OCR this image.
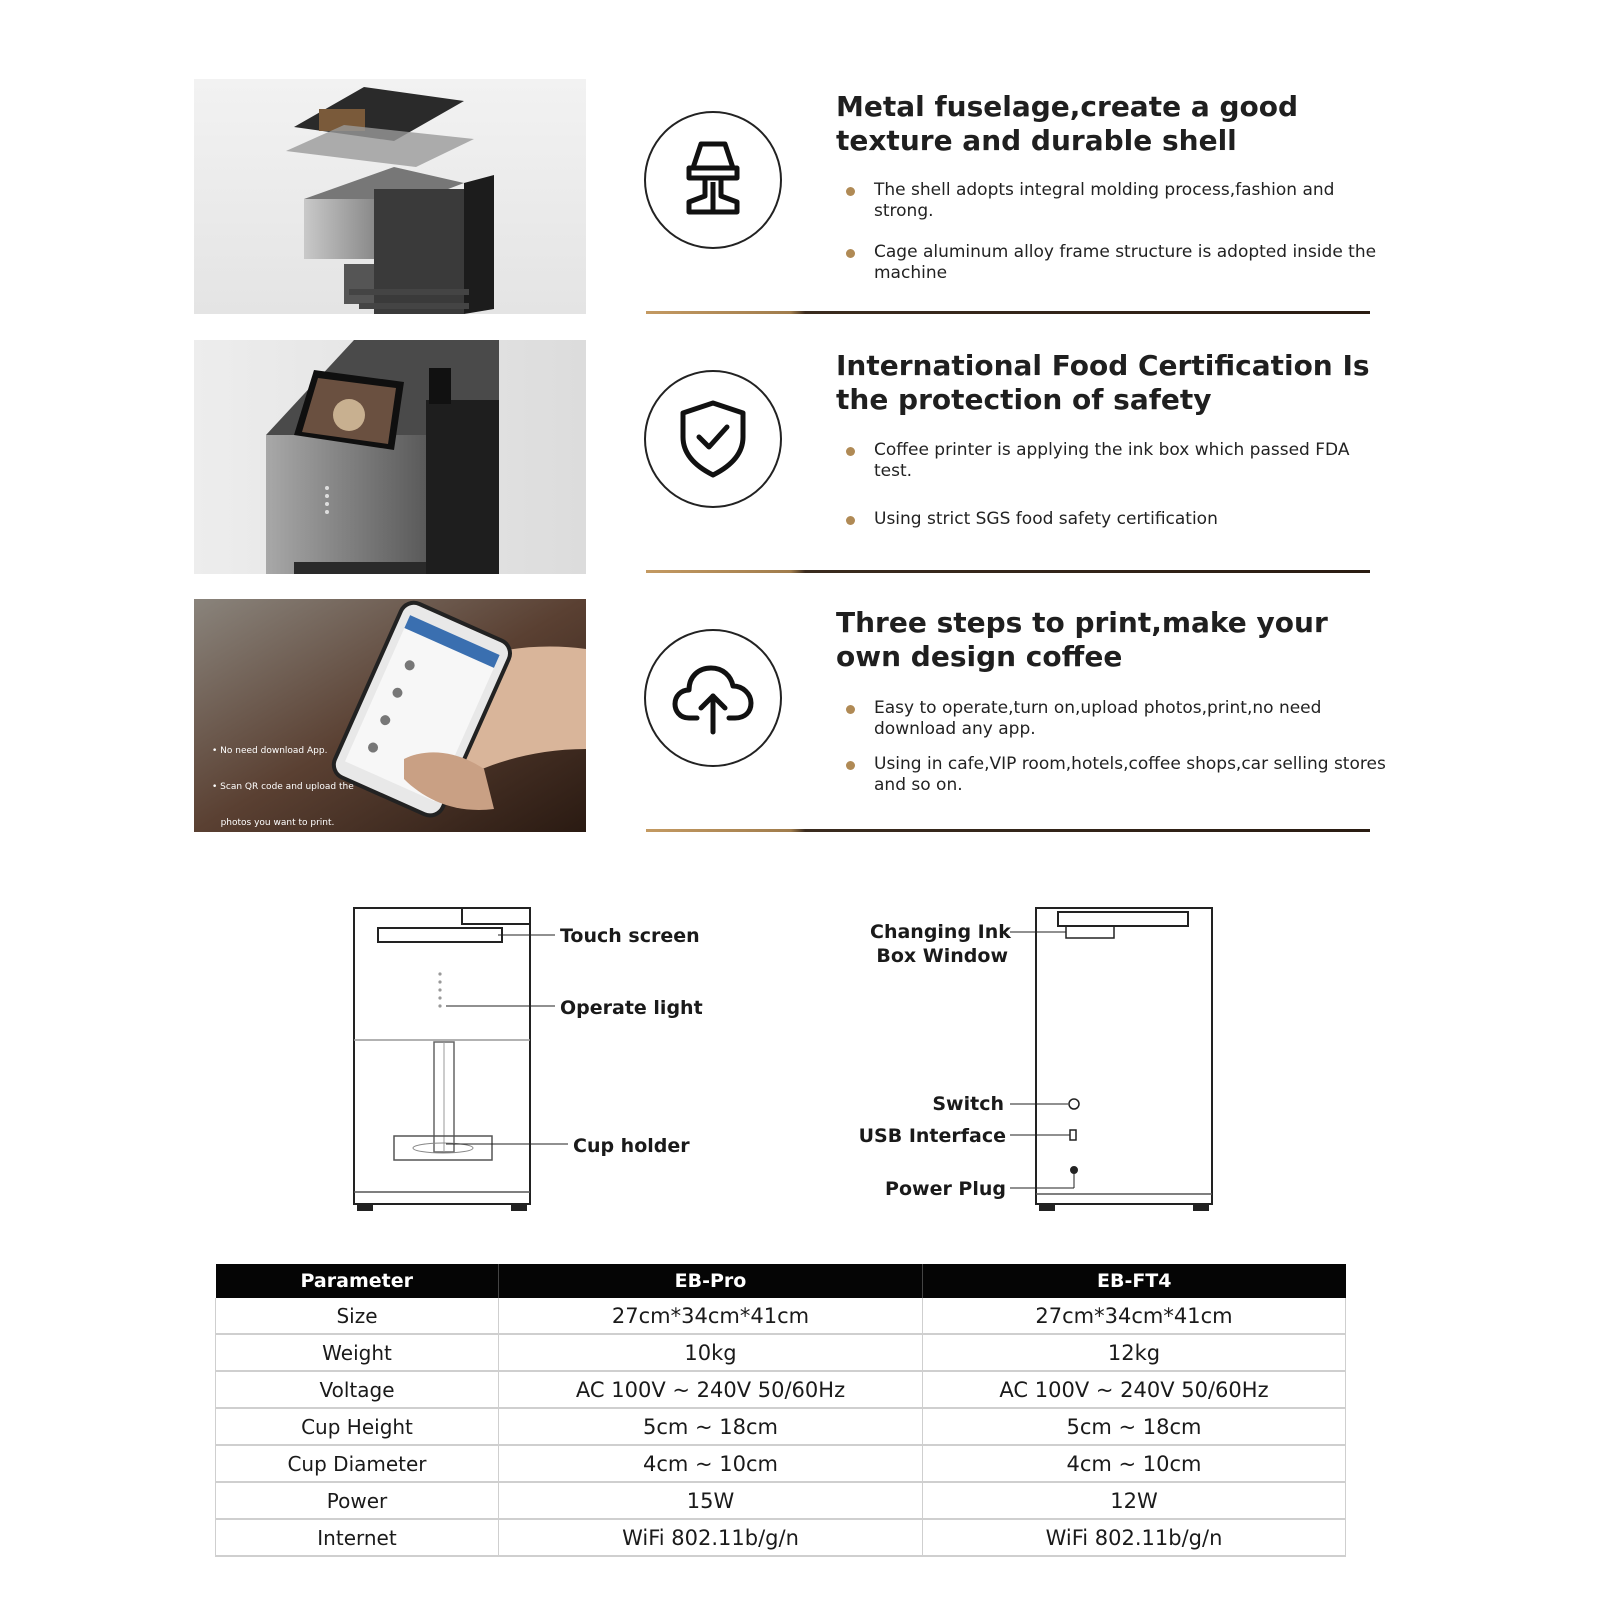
Metal fuselage,create a good texture and durable shell
The shell adopts integral molding process,fashion and strong.
Cage aluminum alloy frame structure is adopted inside the machine
International Food Certification Is the protection of safety
Coffee printer is applying the ink box which passed FDA test.
Using strict SGS food safety certification

• No need download App.

• Scan QR code and upload the

photos you want to print.

• 20 seconds printing.

Three steps to print,make your own design coffee
Easy to operate,turn on,upload photos,print,no need download any app.
Using in cafe,VIP room,hotels,coffee shops,car selling stores and so on.
Touch screen
Operate light
Cup holder
Changing Ink
Box Window
Switch
USB Interface
Power Plug
Parameter	EB-Pro	EB-FT4
Size	27cm*34cm*41cm	27cm*34cm*41cm
Weight	10kg	12kg
Voltage	AC 100V ~ 240V 50/60Hz	AC 100V ~ 240V 50/60Hz
Cup Height	5cm ~ 18cm	5cm ~ 18cm
Cup Diameter	4cm ~ 10cm	4cm ~ 10cm
Power	15W	12W
Internet	WiFi 802.11b/g/n	WiFi 802.11b/g/n
